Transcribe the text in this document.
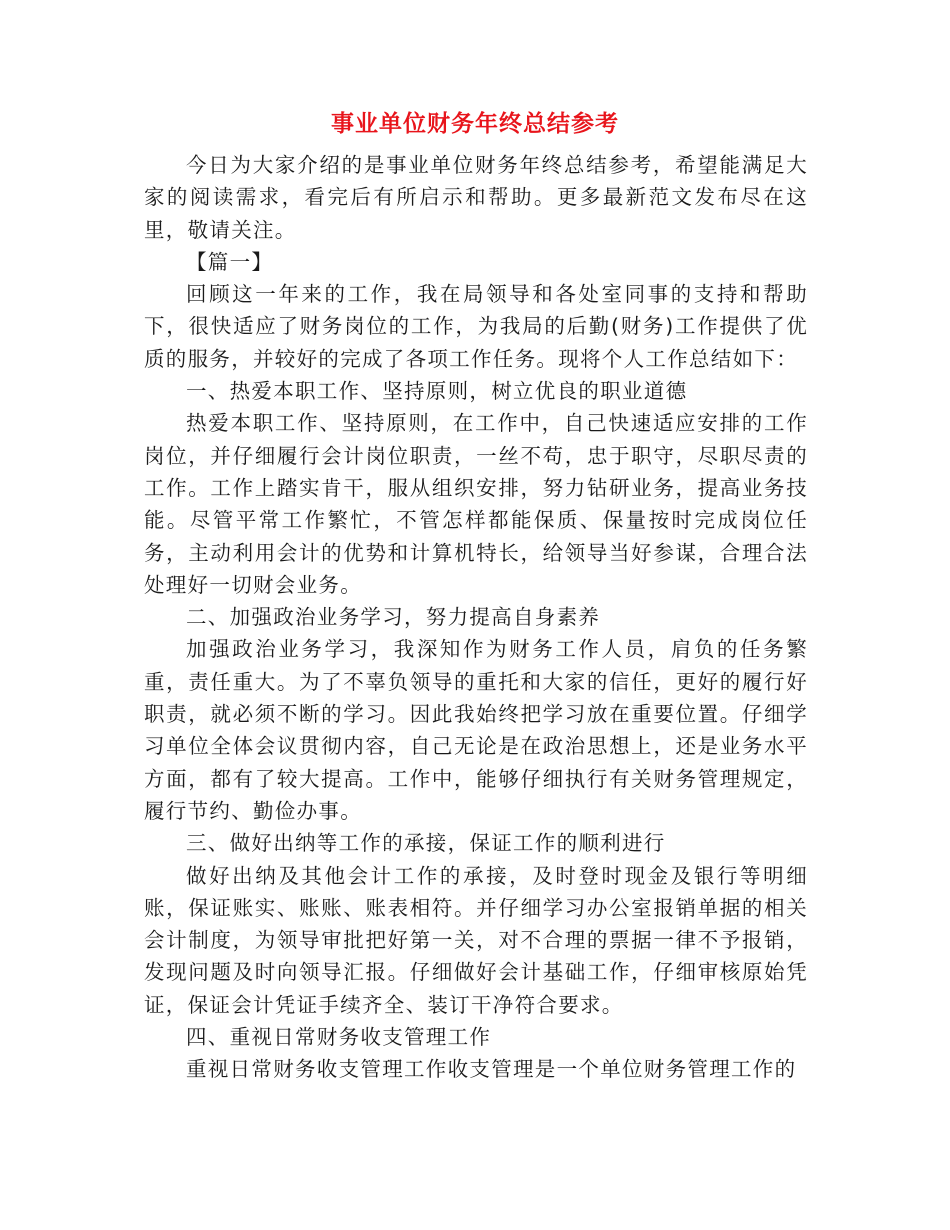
事业单位财务年终总结参考

今日为大家介绍的是事业单位财务年终总结参考，希望能满足大家的阅读需求，看完后有所启示和帮助。更多最新范文发布尽在这里，敬请关注。

【篇一】

回顾这一年来的工作，我在局领导和各处室同事的支持和帮助下，很快适应了财务岗位的工作，为我局的后勤(财务)工作提供了优质的服务，并较好的完成了各项工作任务。现将个人工作总结如下：

一、热爱本职工作、坚持原则，树立优良的职业道德

热爱本职工作、坚持原则，在工作中，自己快速适应安排的工作岗位，并仔细履行会计岗位职责，一丝不苟，忠于职守，尽职尽责的工作。工作上踏实肯干，服从组织安排，努力钻研业务，提高业务技能。尽管平常工作繁忙，不管怎样都能保质、保量按时完成岗位任务，主动利用会计的优势和计算机特长，给领导当好参谋，合理合法处理好一切财会业务。

二、加强政治业务学习，努力提高自身素养

加强政治业务学习，我深知作为财务工作人员，肩负的任务繁重，责任重大。为了不辜负领导的重托和大家的信任，更好的履行好职责，就必须不断的学习。因此我始终把学习放在重要位置。仔细学习单位全体会议贯彻内容，自己无论是在政治思想上，还是业务水平方面，都有了较大提高。工作中，能够仔细执行有关财务管理规定，履行节约、勤俭办事。

三、做好出纳等工作的承接，保证工作的顺利进行

做好出纳及其他会计工作的承接，及时登时现金及银行等明细账，保证账实、账账、账表相符。并仔细学习办公室报销单据的相关会计制度，为领导审批把好第一关，对不合理的票据一律不予报销，发现问题及时向领导汇报。仔细做好会计基础工作，仔细审核原始凭证，保证会计凭证手续齐全、装订干净符合要求。

四、重视日常财务收支管理工作

重视日常财务收支管理工作收支管理是一个单位财务管理工作的
